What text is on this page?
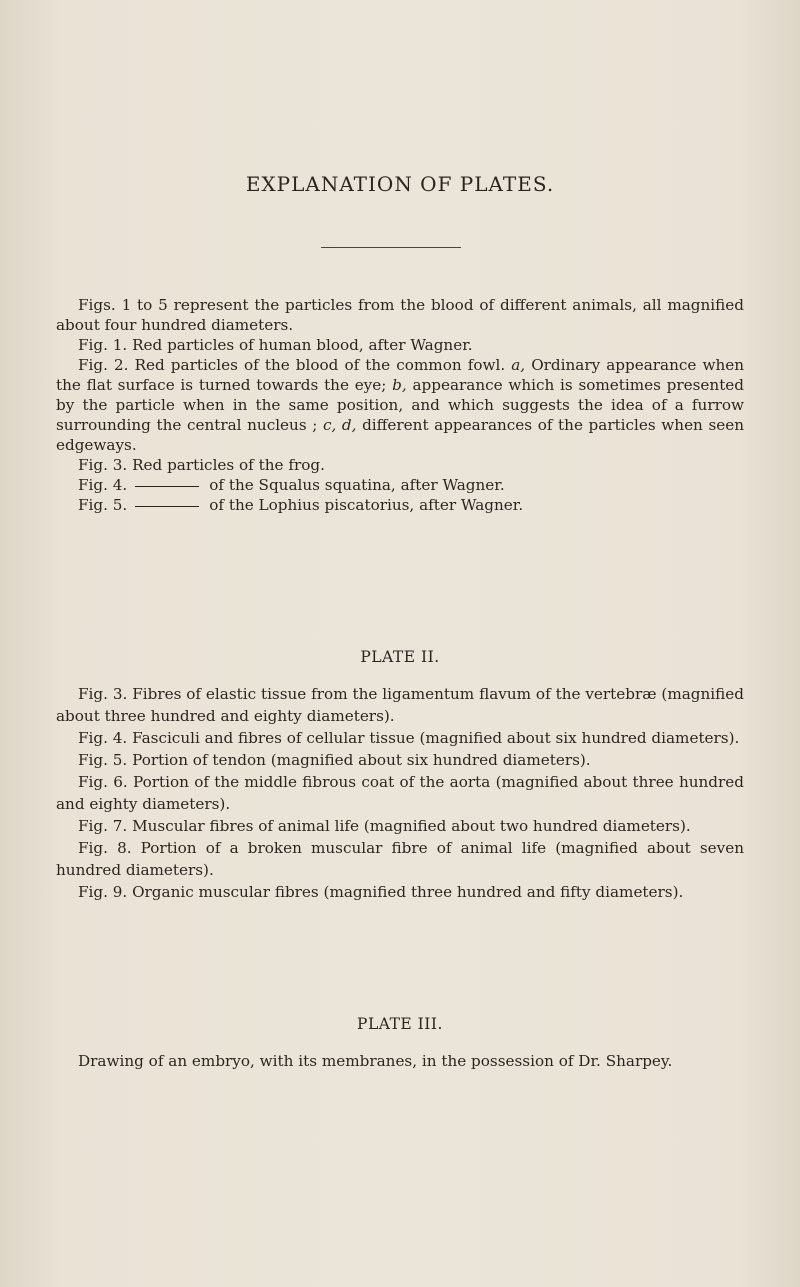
EXPLANATION OF PLATES.

Figs. 1 to 5 represent the particles from the blood of different animals, all magnified about four hundred diameters.

Fig. 1. Red particles of human blood, after Wagner.

Fig. 2. Red particles of the blood of the common fowl. a, Ordinary appearance when the flat surface is turned towards the eye; b, appearance which is sometimes presented by the particle when in the same position, and which suggests the idea of a furrow surrounding the central nucleus ; c, d, different appearances of the particles when seen edgeways.

Fig. 3. Red particles of the frog.

Fig. 4.	of the Squalus squatina, after Wagner.

Fig. 5.	of the Lophius piscatorius, after Wagner.

PLATE II.

Fig. 3. Fibres of elastic tissue from the ligamentum flavum of the vertebræ (magnified about three hundred and eighty diameters).

Fig. 4. Fasciculi and fibres of cellular tissue (magnified about six hundred diameters).

Fig. 5. Portion of tendon (magnified about six hundred diameters).

Fig. 6. Portion of the middle fibrous coat of the aorta (magnified about three hundred and eighty diameters).

Fig. 7. Muscular fibres of animal life (magnified about two hundred diameters).

Fig. 8. Portion of a broken muscular fibre of animal life (magnified about seven hundred diameters).

Fig. 9. Organic muscular fibres (magnified three hundred and fifty diameters).

PLATE III.

Drawing of an embryo, with its membranes, in the possession of Dr. Sharpey.
